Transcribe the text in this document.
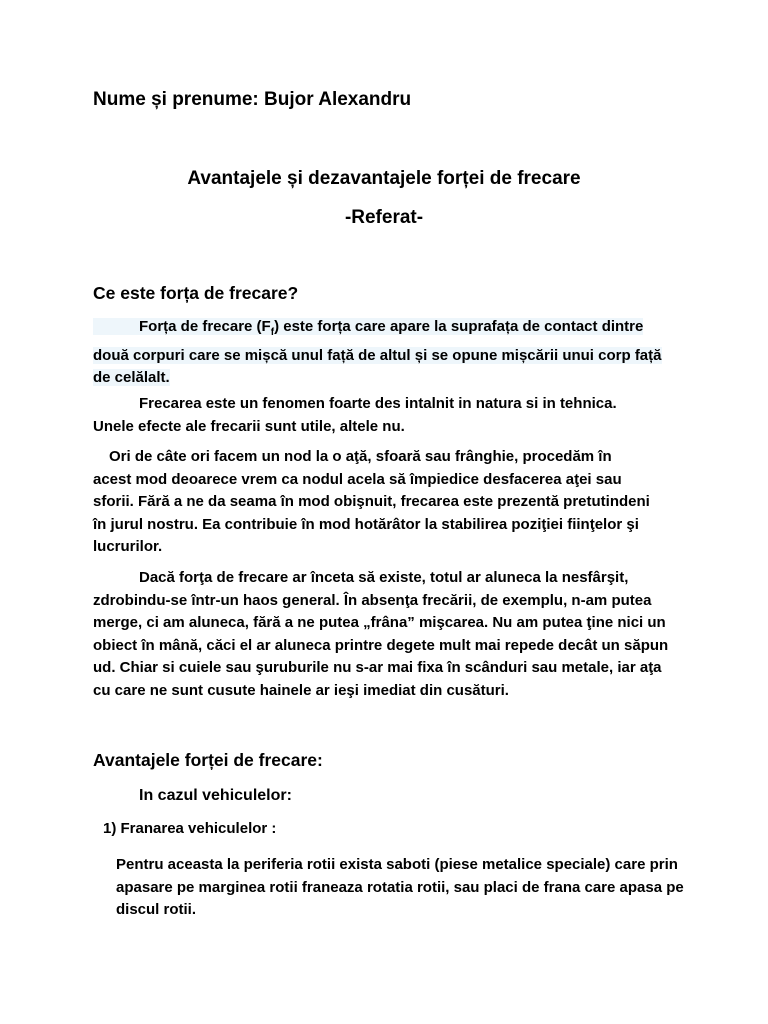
Nume și prenume: Bujor Alexandru
Avantajele și dezavantajele forței de frecare
-Referat-
Ce este forța de frecare?

Forța de frecare $(F_f)$ este forța care apare la suprafața de contact dintre două corpuri care se mișcă unul față de altul și se opune mișcării unui corp față de celălalt.

Frecarea este un fenomen foarte des intalnit in natura si in tehnica. Unele efecte ale frecarii sunt utile, altele nu.

Ori de câte ori facem un nod la o aţă, sfoară sau frânghie, procedăm în acest mod deoarece vrem ca nodul acela să împiedice desfacerea aţei sau sforii. Fără a ne da seama în mod obişnuit, frecarea este prezentă pretutindeni în jurul nostru. Ea contribuie în mod hotărâtor la stabilirea poziţiei fiinţelor şi lucrurilor.

Dacă forţa de frecare ar înceta să existe, totul ar aluneca la nesfârşit, zdrobindu-se într-un haos general. În absenţa frecării, de exemplu, n-am putea merge, ci am aluneca, fără a ne putea „frâna” mişcarea. Nu am putea ţine nici un obiect în mână, căci el ar aluneca printre degete mult mai repede decât un săpun ud. Chiar si cuiele sau şuruburile nu s-ar mai fixa în scânduri sau metale, iar aţa cu care ne sunt cusute hainele ar ieşi imediat din cusături.

Avantajele forței de frecare:
In cazul vehiculelor:
1) Franarea vehiculelor :

Pentru aceasta la periferia rotii exista saboti (piese metalice speciale) care prin apasare pe marginea rotii franeaza rotatia rotii, sau placi de frana care apasa pe discul rotii.
